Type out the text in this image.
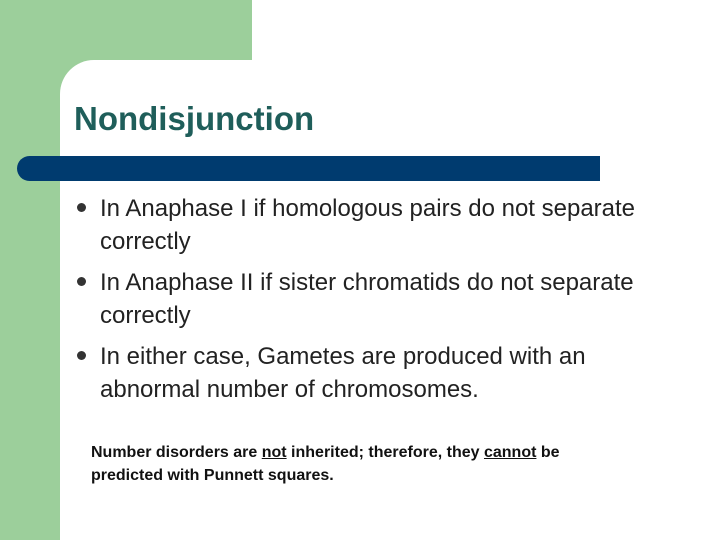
Nondisjunction
In Anaphase I if homologous pairs do not separate correctly
In Anaphase II if sister chromatids do not separate correctly
In either case, Gametes are produced with an abnormal number of chromosomes.
Number disorders are not inherited; therefore, they cannot be predicted with Punnett squares.
